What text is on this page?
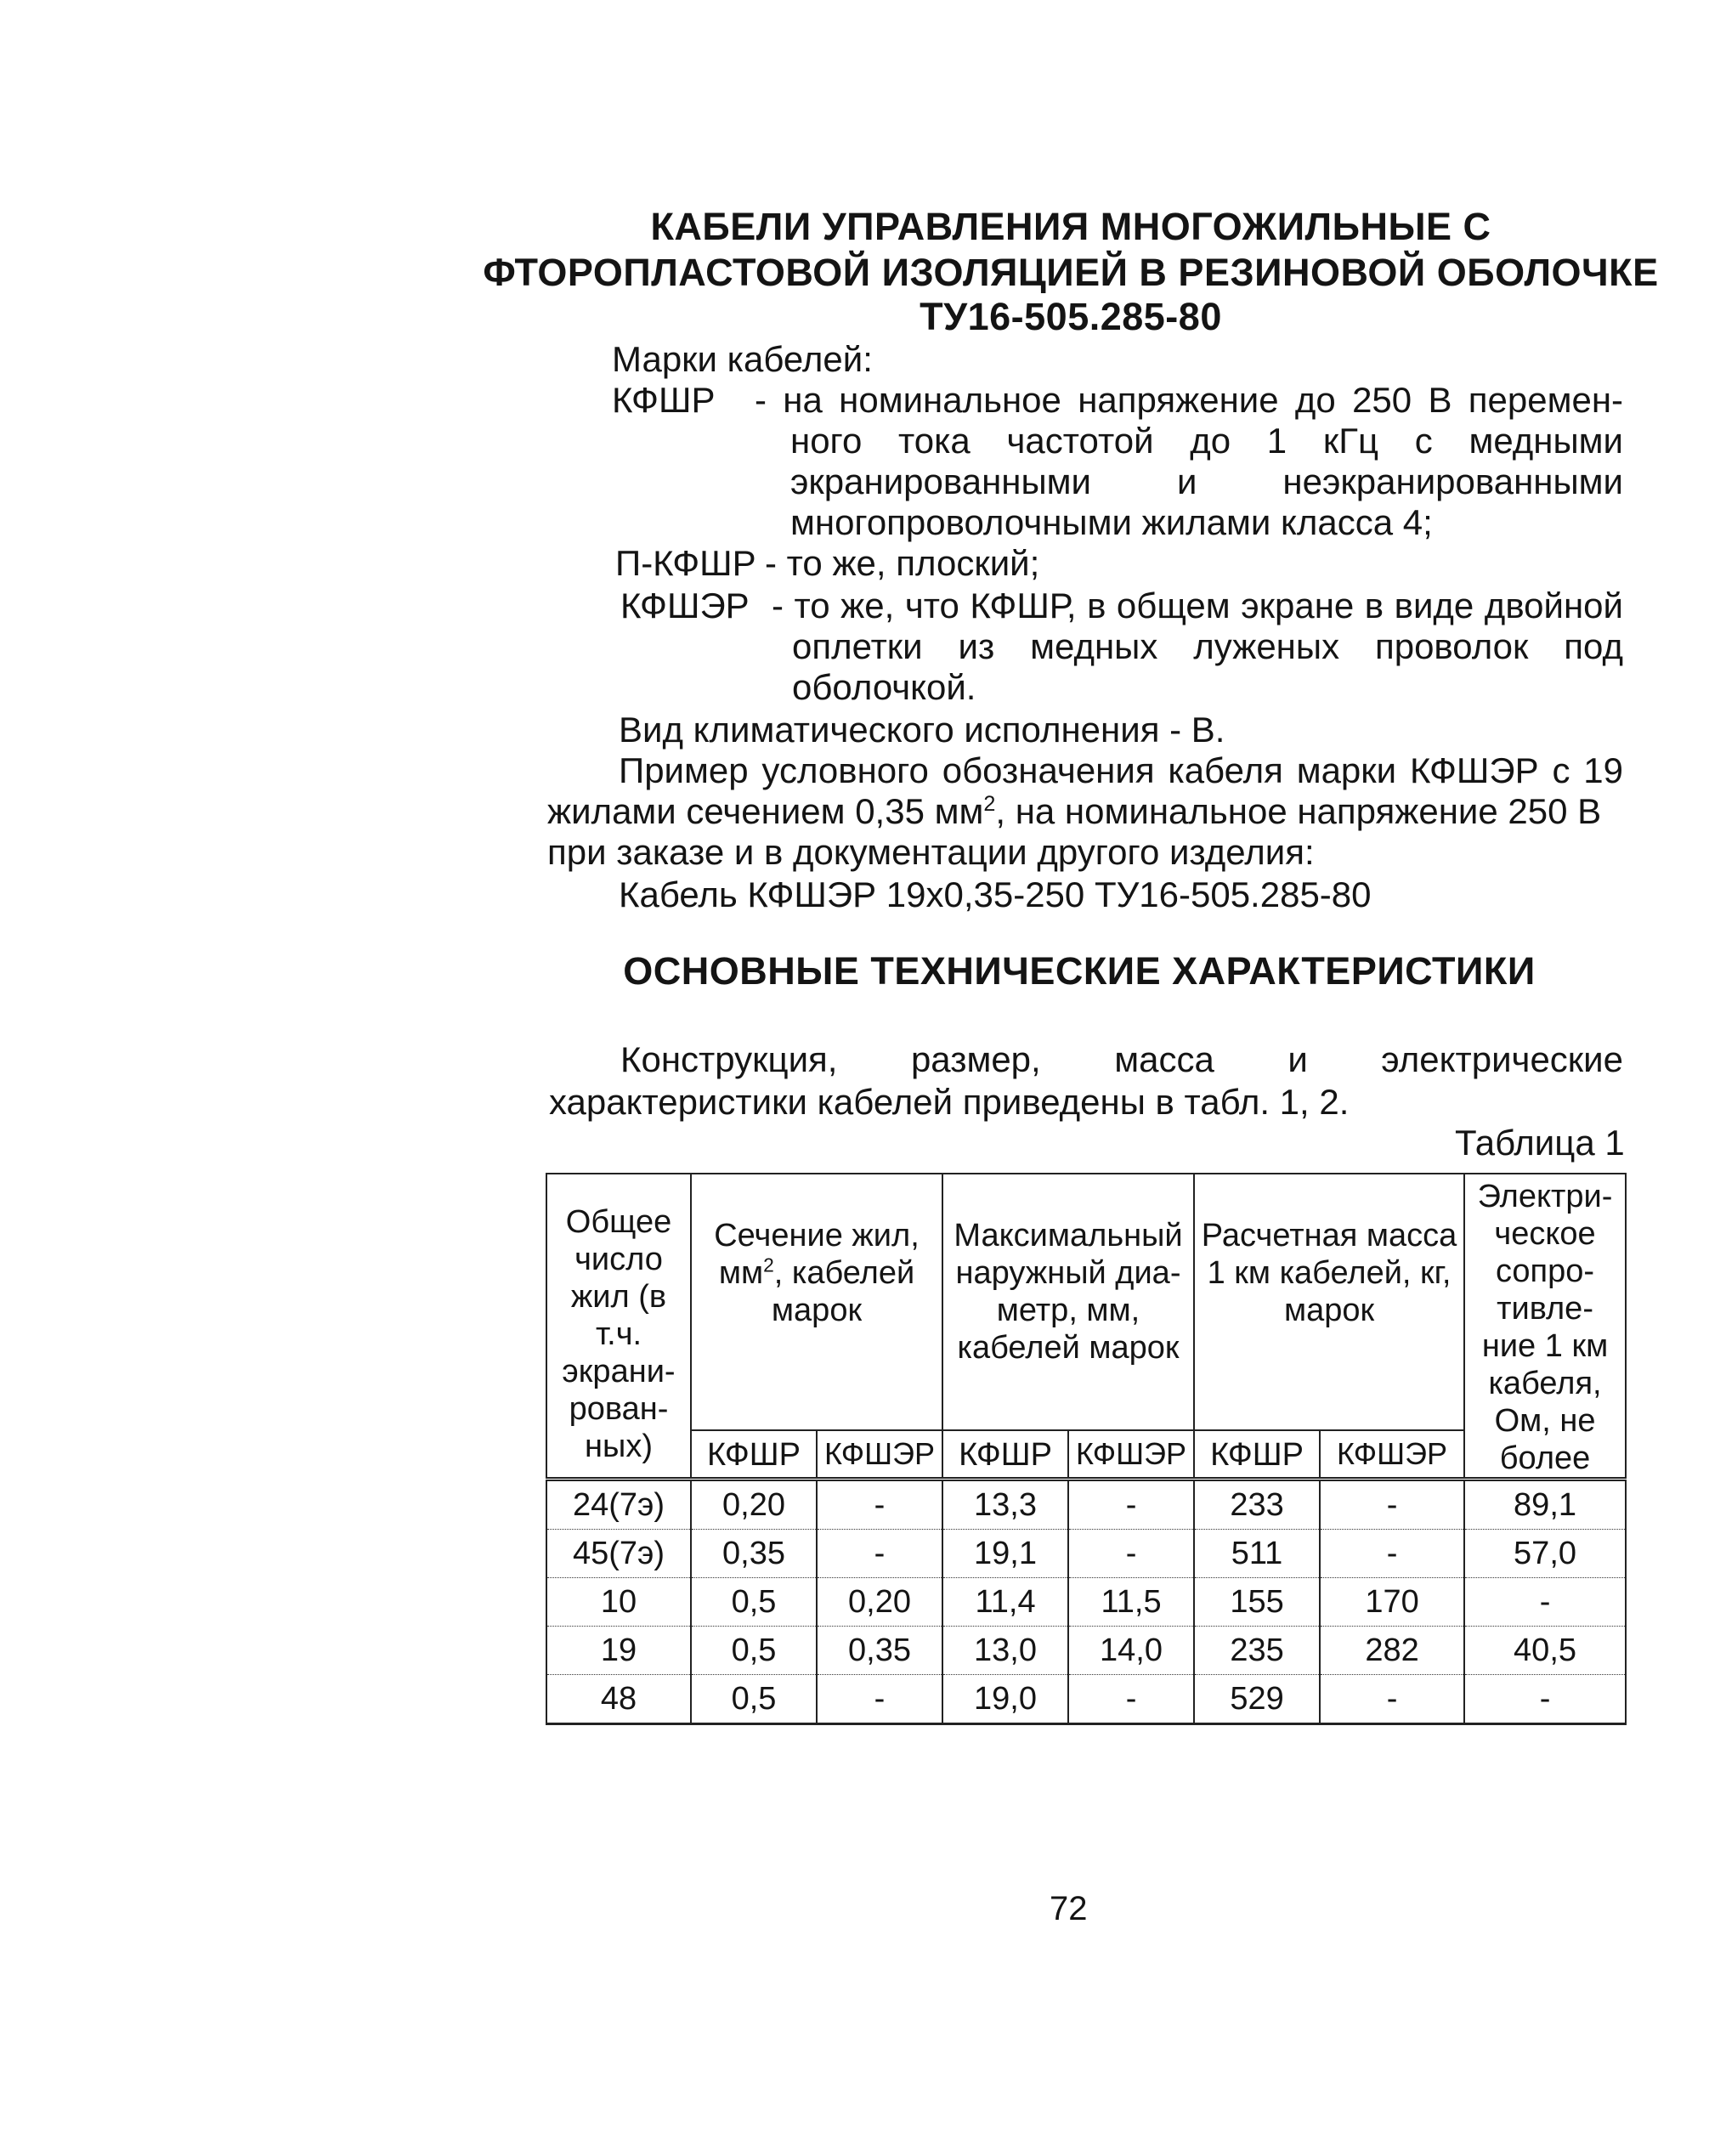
КАБЕЛИ УПРАВЛЕНИЯ МНОГОЖИЛЬНЫЕ С
ФТОРОПЛАСТОВОЙ ИЗОЛЯЦИЕЙ В РЕЗИНОВОЙ ОБОЛОЧКЕ
ТУ16-505.285-80
Марки кабелей:
КФШР - на номинальное напряжение до 250 В перемен-
ного тока частотой до 1 кГц с медными
экранированными и неэкранированными
многопроволочными жилами класса 4;
П-КФШР - то же, плоский;
КФШЭР - то же, что КФШР, в общем экране в виде двойной
оплетки из медных луженых проволок под
оболочкой.
Вид климатического исполнения - В.
Пример условного обозначения кабеля марки КФШЭР с 19
жилами сечением 0,35 $мм^2$, на номинальное напряжение 250 В
при заказе и в документации другого изделия:
Кабель КФШЭР 19х0,35-250 ТУ16-505.285-80
ОСНОВНЫЕ ТЕХНИЧЕСКИЕ ХАРАКТЕРИСТИКИ
Конструкция, размер, масса и электрические
характеристики кабелей приведены в табл. 1, 2.
Таблица 1
Общее число жил (в т.ч. экрани-рован-ных)	Сечение жил, $мм^2$, кабелей марок		Максимальный наружный диа-метр, мм, кабелей марок		Расчетная масса 1 км кабелей, кг, марок		Электри-ческое сопро-тивле-ние 1 км кабеля, Ом, не более
	КФШР	КФШЭР	КФШР	КФШЭР	КФШР	КФШЭР	
24(7э)	0,20	-	13,3	-	233	-	89,1
45(7э)	0,35	-	19,1	-	511	-	57,0
10	0,5	0,20	11,4	11,5	155	170	-
19	0,5	0,35	13,0	14,0	235	282	40,5
48	0,5	-	19,0	-	529	-	-
72
